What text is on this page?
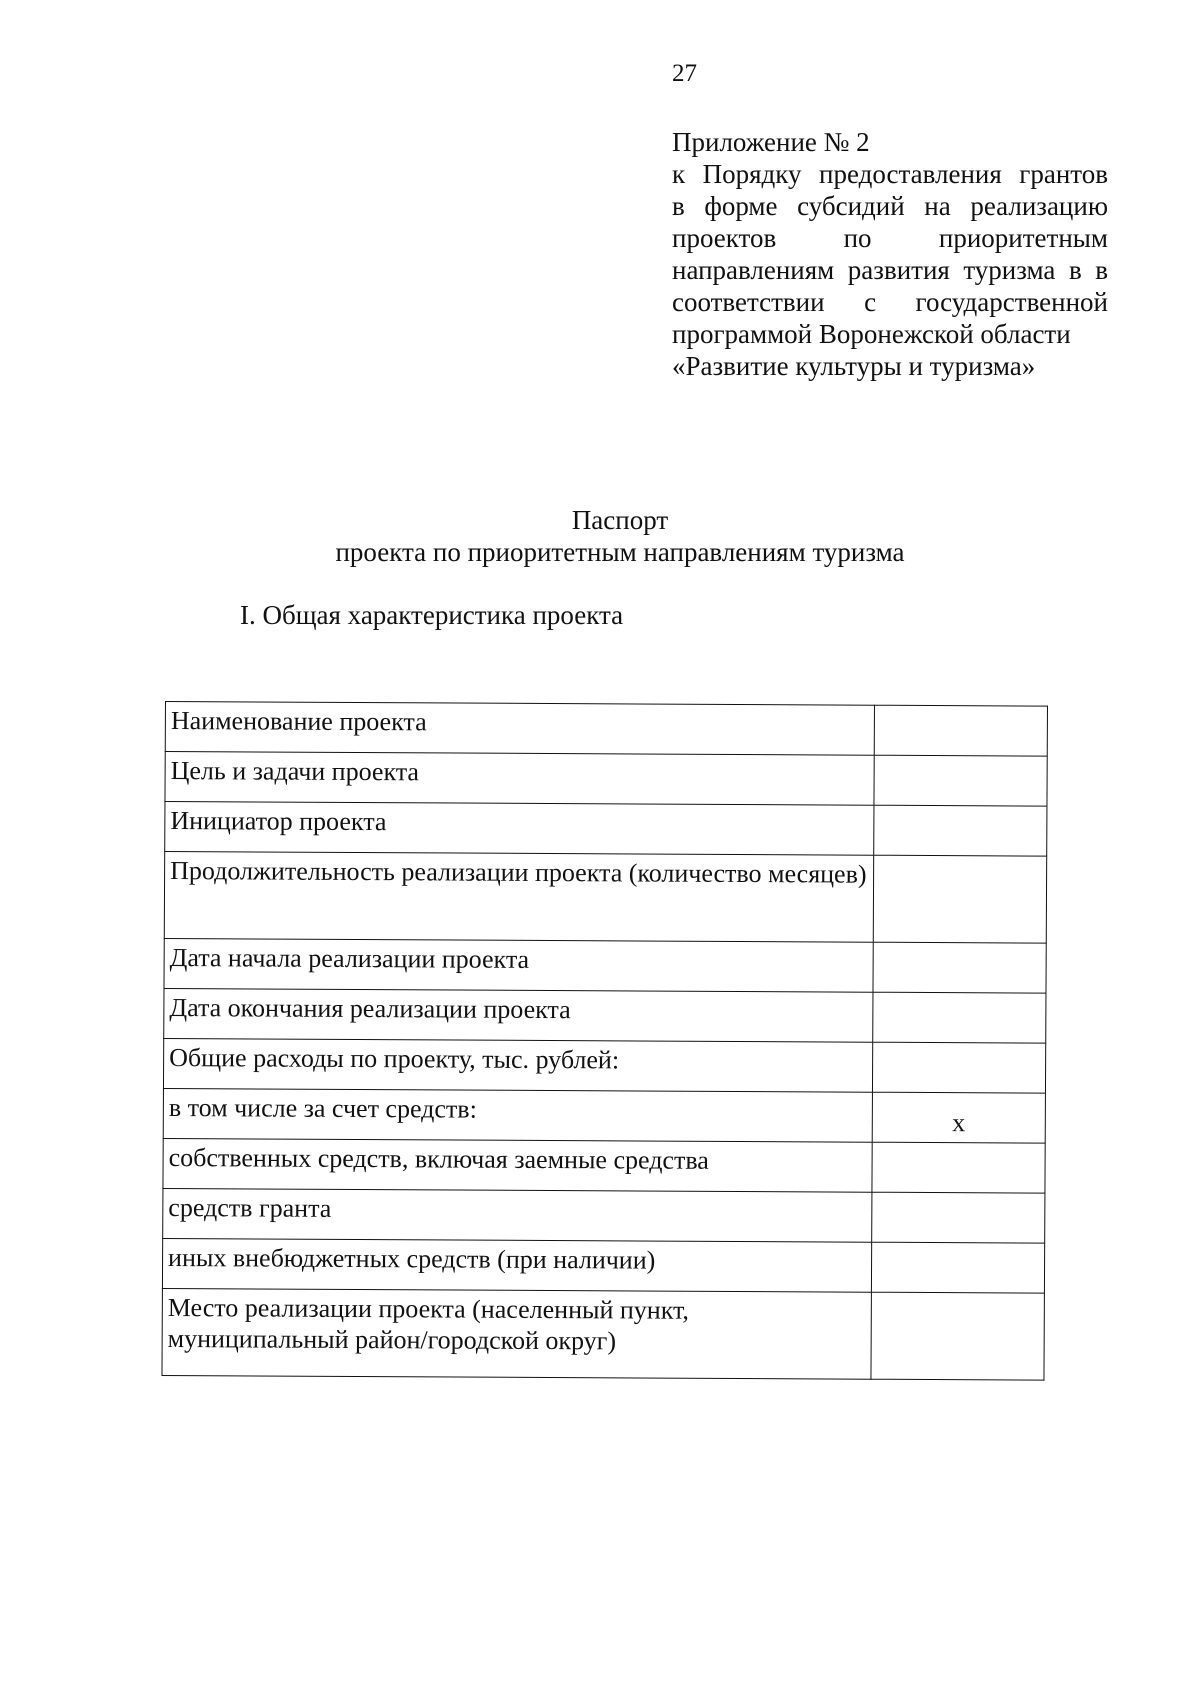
27
Приложение № 2
к Порядку предоставления грантов
в форме субсидий на реализацию
проектов по приоритетным
направлениям развития туризма в в
соответствии с государственной
программой Воронежской области
«Развитие культуры и туризма»
Паспорт
проекта по приоритетным направлениям туризма
I. Общая характеристика проекта
Наименование проекта	
Цель и задачи проекта	
Инициатор проекта	
Продолжительность реализации проекта (количество месяцев)	
Дата начала реализации проекта	
Дата окончания реализации проекта	
Общие расходы по проекту, тыс. рублей:	
в том числе за счет средств:	x
собственных средств, включая заемные средства	
средств гранта	
иных внебюджетных средств (при наличии)	
Место реализации проекта (населенный пункт, муниципальный район/городской округ)	
